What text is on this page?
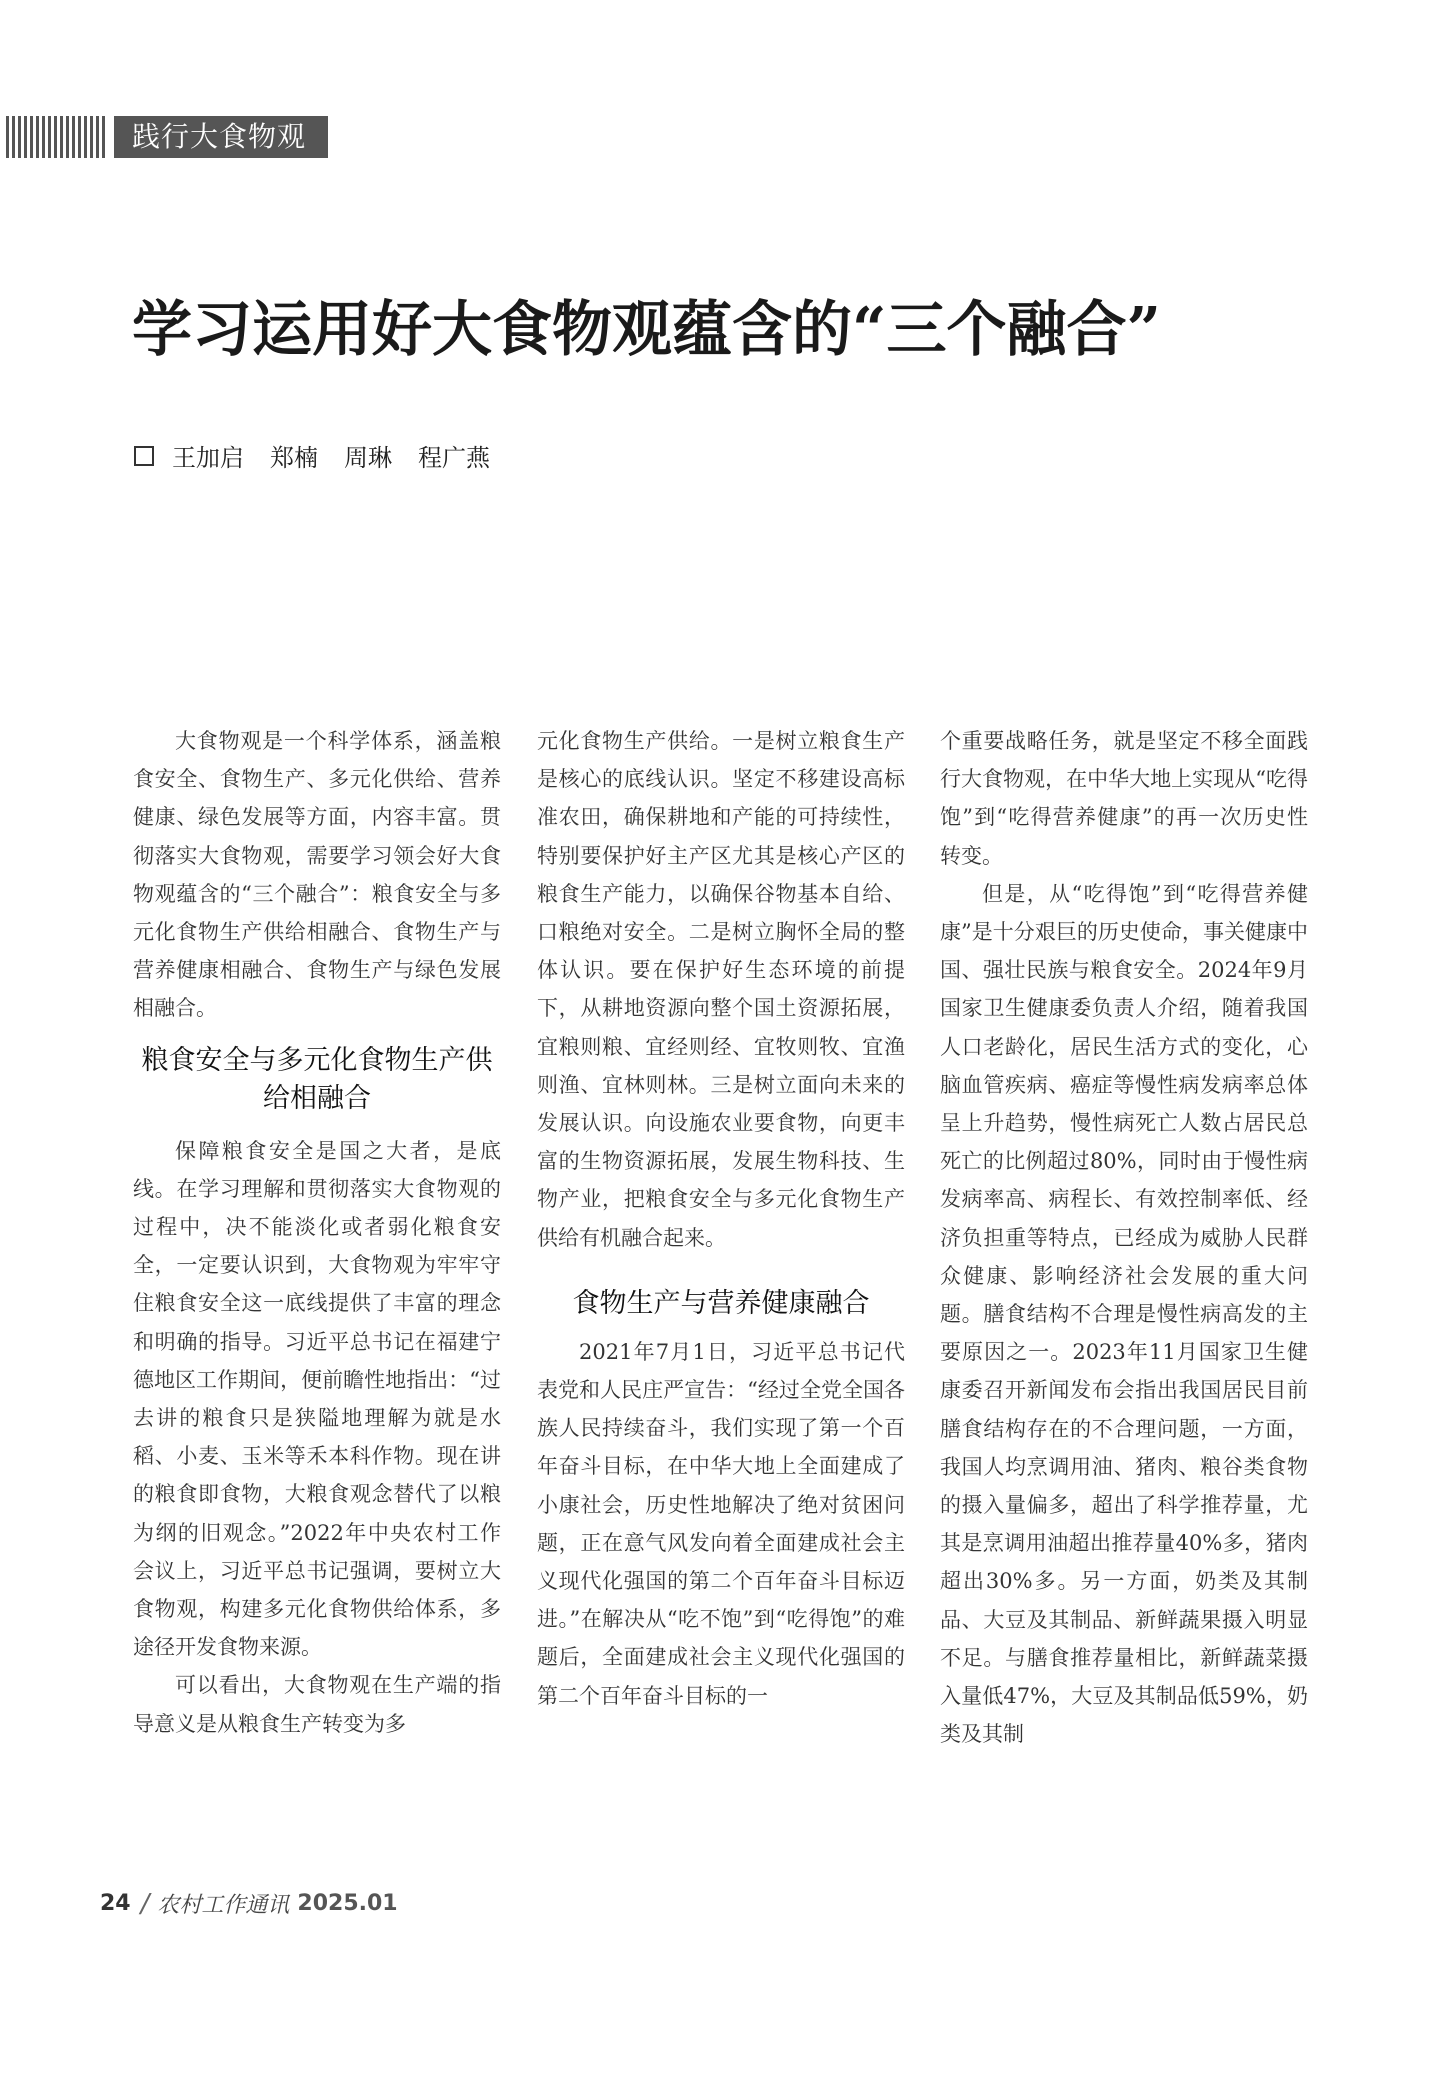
践行大食物观
学习运用好大食物观蕴含的“三个融合”
王加启 郑楠 周琳 程广燕

大食物观是一个科学体系，涵盖粮食安全、食物生产、多元化供给、营养健康、绿色发展等方面，内容丰富。贯彻落实大食物观，需要学习领会好大食物观蕴含的“三个融合”：粮食安全与多元化食物生产供给相融合、食物生产与营养健康相融合、食物生产与绿色发展相融合。

粮食安全与多元化食物生产供给相融合

保障粮食安全是国之大者，是底线。在学习理解和贯彻落实大食物观的过程中，决不能淡化或者弱化粮食安全，一定要认识到，大食物观为牢牢守住粮食安全这一底线提供了丰富的理念和明确的指导。习近平总书记在福建宁德地区工作期间，便前瞻性地指出：“过去讲的粮食只是狭隘地理解为就是水稻、小麦、玉米等禾本科作物。现在讲的粮食即食物，大粮食观念替代了以粮为纲的旧观念。”2022年中央农村工作会议上，习近平总书记强调，要树立大食物观，构建多元化食物供给体系，多途径开发食物来源。

可以看出，大食物观在生产端的指导意义是从粮食生产转变为多

元化食物生产供给。一是树立粮食生产是核心的底线认识。坚定不移建设高标准农田，确保耕地和产能的可持续性，特别要保护好主产区尤其是核心产区的粮食生产能力，以确保谷物基本自给、口粮绝对安全。二是树立胸怀全局的整体认识。要在保护好生态环境的前提下，从耕地资源向整个国土资源拓展，宜粮则粮、宜经则经、宜牧则牧、宜渔则渔、宜林则林。三是树立面向未来的发展认识。向设施农业要食物，向更丰富的生物资源拓展，发展生物科技、生物产业，把粮食安全与多元化食物生产供给有机融合起来。

食物生产与营养健康融合

2021年7月1日，习近平总书记代表党和人民庄严宣告：“经过全党全国各族人民持续奋斗，我们实现了第一个百年奋斗目标，在中华大地上全面建成了小康社会，历史性地解决了绝对贫困问题，正在意气风发向着全面建成社会主义现代化强国的第二个百年奋斗目标迈进。”在解决从“吃不饱”到“吃得饱”的难题后，全面建成社会主义现代化强国的第二个百年奋斗目标的一

个重要战略任务，就是坚定不移全面践行大食物观，在中华大地上实现从“吃得饱”到“吃得营养健康”的再一次历史性转变。

但是，从“吃得饱”到“吃得营养健康”是十分艰巨的历史使命，事关健康中国、强壮民族与粮食安全。2024年9月国家卫生健康委负责人介绍，随着我国人口老龄化，居民生活方式的变化，心脑血管疾病、癌症等慢性病发病率总体呈上升趋势，慢性病死亡人数占居民总死亡的比例超过80%，同时由于慢性病发病率高、病程长、有效控制率低、经济负担重等特点，已经成为威胁人民群众健康、影响经济社会发展的重大问题。膳食结构不合理是慢性病高发的主要原因之一。2023年11月国家卫生健康委召开新闻发布会指出我国居民目前膳食结构存在的不合理问题，一方面，我国人均烹调用油、猪肉、粮谷类食物的摄入量偏多，超出了科学推荐量，尤其是烹调用油超出推荐量40%多，猪肉超出30%多。另一方面，奶类及其制品、大豆及其制品、新鲜蔬果摄入明显不足。与膳食推荐量相比，新鲜蔬菜摄入量低47%，大豆及其制品低59%，奶类及其制

24 / 农村工作通讯 2025.01
